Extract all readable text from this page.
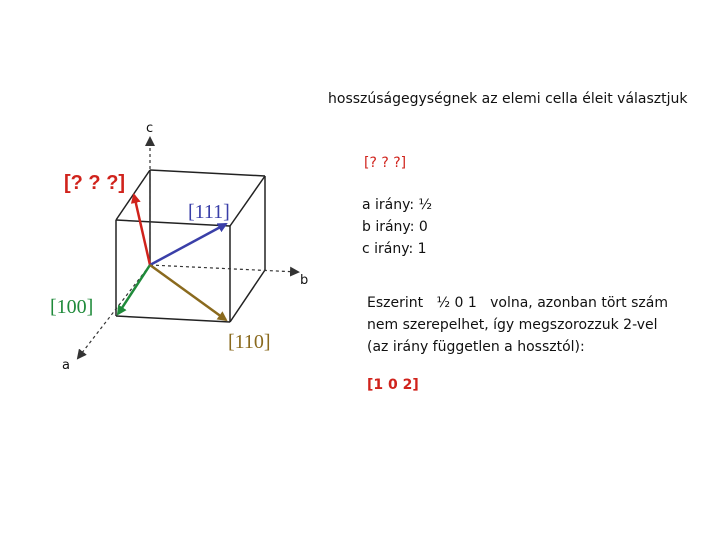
hosszúságegységnek az elemi cella éleit választjuk
c
b
a
[? ? ?]
[111]
[100]
[110]
[? ? ?]
a irány: ½
b irány: 0
c irány: 1
Eszerint   ½ 0 1   volna, azonban tört szám
nem szerepelhet, így megszorozzuk 2-vel
(az irány független a hossztól):
[1 0 2]
